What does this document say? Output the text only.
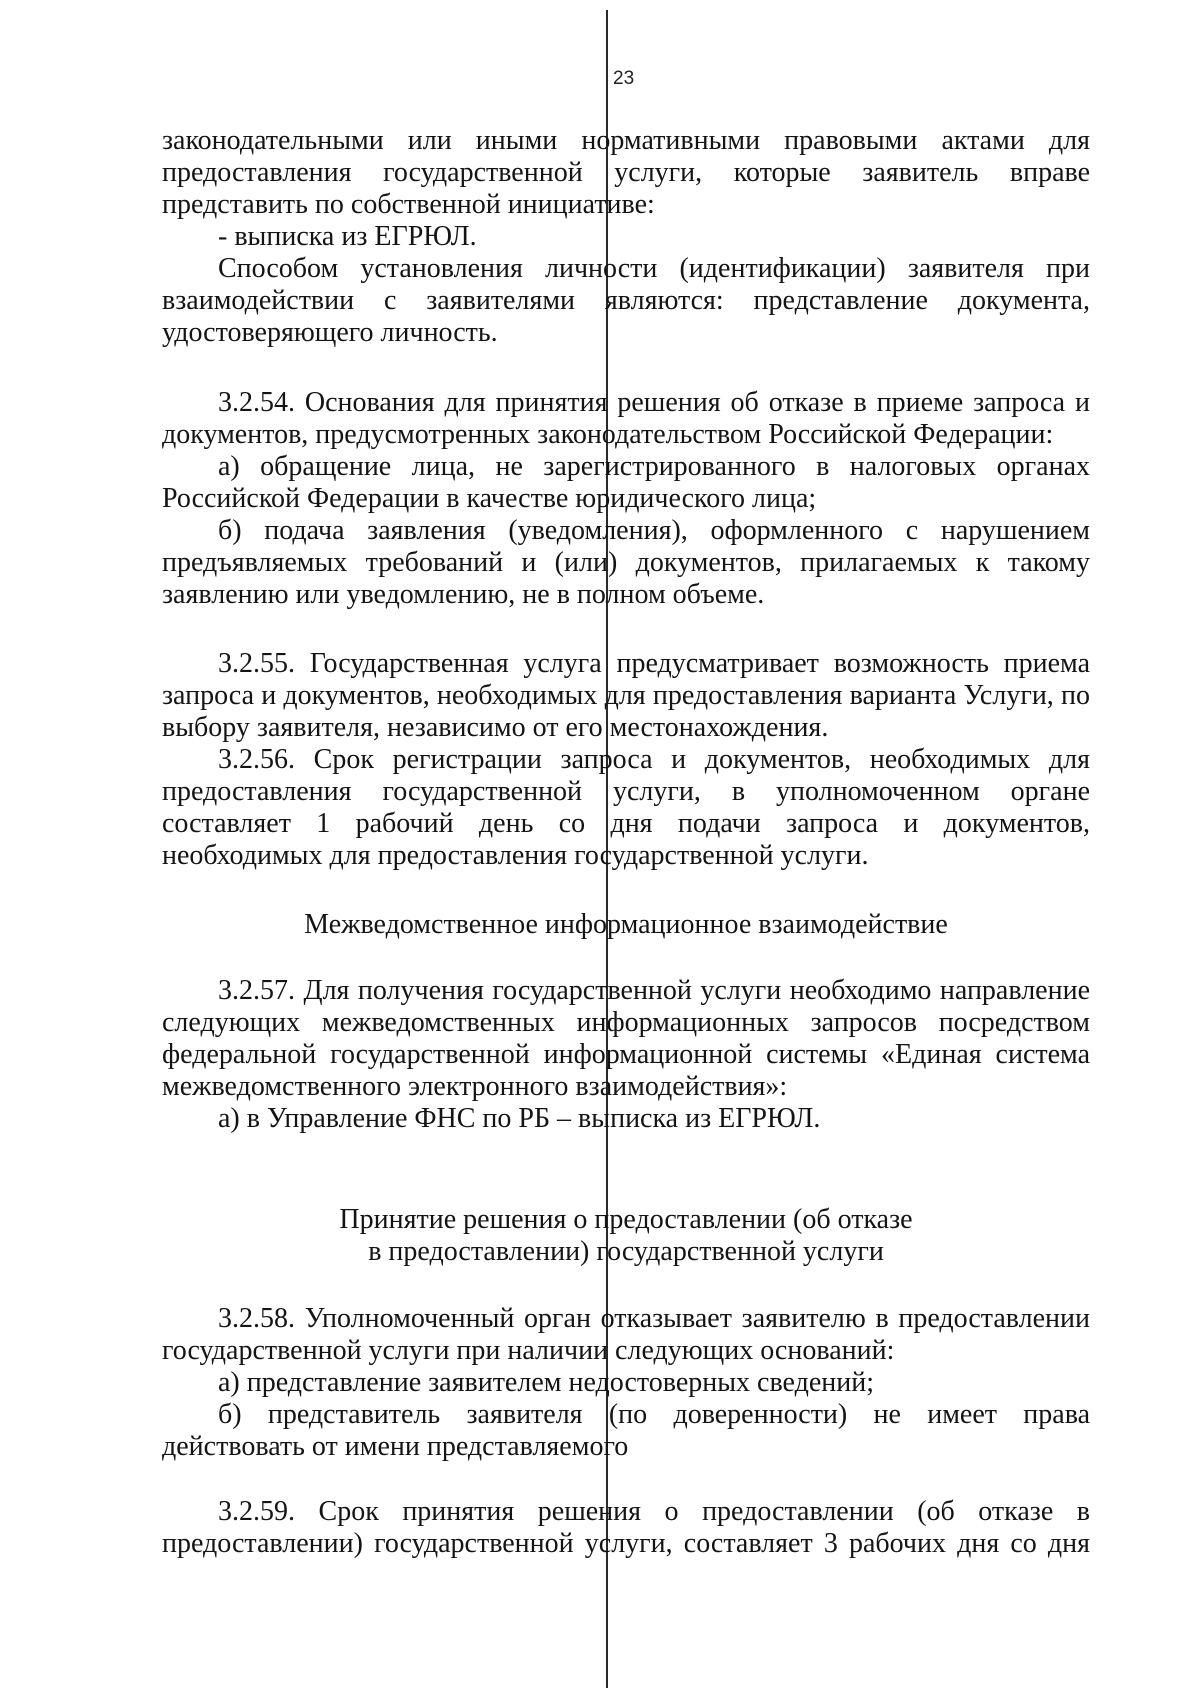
23

законодательными или иными нормативными правовыми актами для предоставления государственной услуги, которые заявитель вправе представить по собственной инициативе:

- выписка из ЕГРЮЛ.

Способом установления личности (идентификации) заявителя при взаимодействии с заявителями являются: представление документа, удостоверяющего личность.

3.2.54. Основания для принятия решения об отказе в приеме запроса и документов, предусмотренных законодательством Российской Федерации:

а) обращение лица, не зарегистрированного в налоговых органах Российской Федерации в качестве юридического лица;

б) подача заявления (уведомления), оформленного с нарушением предъявляемых требований и (или) документов, прилагаемых к такому заявлению или уведомлению, не в полном объеме.

3.2.55. Государственная услуга предусматривает возможность приема запроса и документов, необходимых для предоставления варианта Услуги, по выбору заявителя, независимо от его местонахождения.

3.2.56. Срок регистрации запроса и документов, необходимых для предоставления государственной услуги, в уполномоченном органе составляет 1 рабочий день со дня подачи запроса и документов, необходимых для предоставления государственной услуги.

Межведомственное информационное взаимодействие

3.2.57. Для получения государственной услуги необходимо направление следующих межведомственных информационных запросов посредством федеральной государственной информационной системы «Единая система межведомственного электронного взаимодействия»:

а) в Управление ФНС по РБ – выписка из ЕГРЮЛ.

Принятие решения о предоставлении (об отказе

в предоставлении) государственной услуги

3.2.58. Уполномоченный орган отказывает заявителю в предоставлении государственной услуги при наличии следующих оснований:

а) представление заявителем недостоверных сведений;

б) представитель заявителя (по доверенности) не имеет права действовать от имени представляемого

3.2.59. Срок принятия решения о предоставлении (об отказе в предоставлении) государственной услуги, составляет 3 рабочих дня со дня
